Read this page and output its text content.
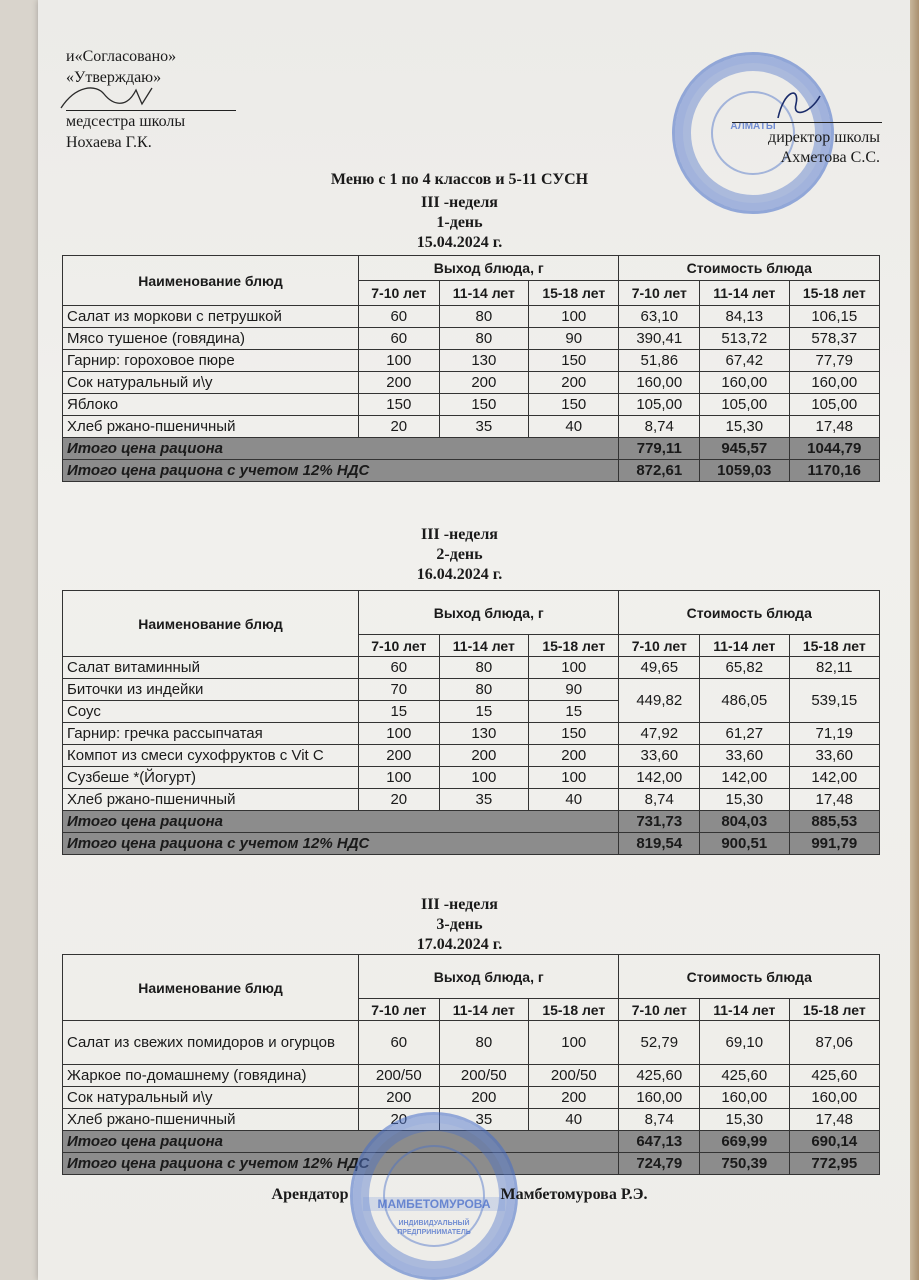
АЛМАТЫ
и«Согласовано»
«Утверждаю»
медсестра школы
Нохаева Г.К.	директор школы
Ахметова С.С.
Меню с 1 по 4 классов и 5-11 СУСН
III -неделя
1-день
15.04.2024 г.
Наименование блюд	Выход блюда, г			Стоимость блюда		
	7-10 лет	11-14 лет	15-18 лет	7-10 лет	11-14 лет	15-18 лет
Салат из моркови с петрушкой	60	80	100	63,10	84,13	106,15
Мясо тушеное (говядина)	60	80	90	390,41	513,72	578,37
Гарнир: гороховое пюре	100	130	150	51,86	67,42	77,79
Сок натуральный и\у	200	200	200	160,00	160,00	160,00
Яблоко	150	150	150	105,00	105,00	105,00
Хлеб ржано-пшеничный	20	35	40	8,74	15,30	17,48
Итого цена рациона				779,11	945,57	1044,79
Итого цена рациона с учетом 12% НДС				872,61	1059,03	1170,16
III -неделя
2-день
16.04.2024 г.
Наименование блюд	Выход блюда, г			Стоимость блюда		
	7-10 лет	11-14 лет	15-18 лет	7-10 лет	11-14 лет	15-18 лет
Салат витаминный	60	80	100	49,65	65,82	82,11
Биточки из индейки	70	80	90	449,82	486,05	539,15
Соус	15	15	15			
Гарнир: гречка рассыпчатая	100	130	150	47,92	61,27	71,19
Компот из смеси сухофруктов с Vit C	200	200	200	33,60	33,60	33,60
Сузбеше *(Йогурт)	100	100	100	142,00	142,00	142,00
Хлеб ржано-пшеничный	20	35	40	8,74	15,30	17,48
Итого цена рациона				731,73	804,03	885,53
Итого цена рациона с учетом 12% НДС				819,54	900,51	991,79
III -неделя
3-день
17.04.2024 г.
Наименование блюд	Выход блюда, г			Стоимость блюда		
	7-10 лет	11-14 лет	15-18 лет	7-10 лет	11-14 лет	15-18 лет
Салат из свежих помидоров и огурцов	60	80	100	52,79	69,10	87,06
Жаркое по-домашнему (говядина)	200/50	200/50	200/50	425,60	425,60	425,60
Сок натуральный и\у	200	200	200	160,00	160,00	160,00
Хлеб ржано-пшеничный	20	35	40	8,74	15,30	17,48
Итого цена рациона				647,13	669,99	690,14
Итого цена рациона с учетом 12% НДС				724,79	750,39	772,95
МАМБЕТОМУРОВА
ИНДИВИДУАЛЬНЫЙ ПРЕДПРИНИМАТЕЛЬ
Арендатор	Мамбетомурова Р.Э.
